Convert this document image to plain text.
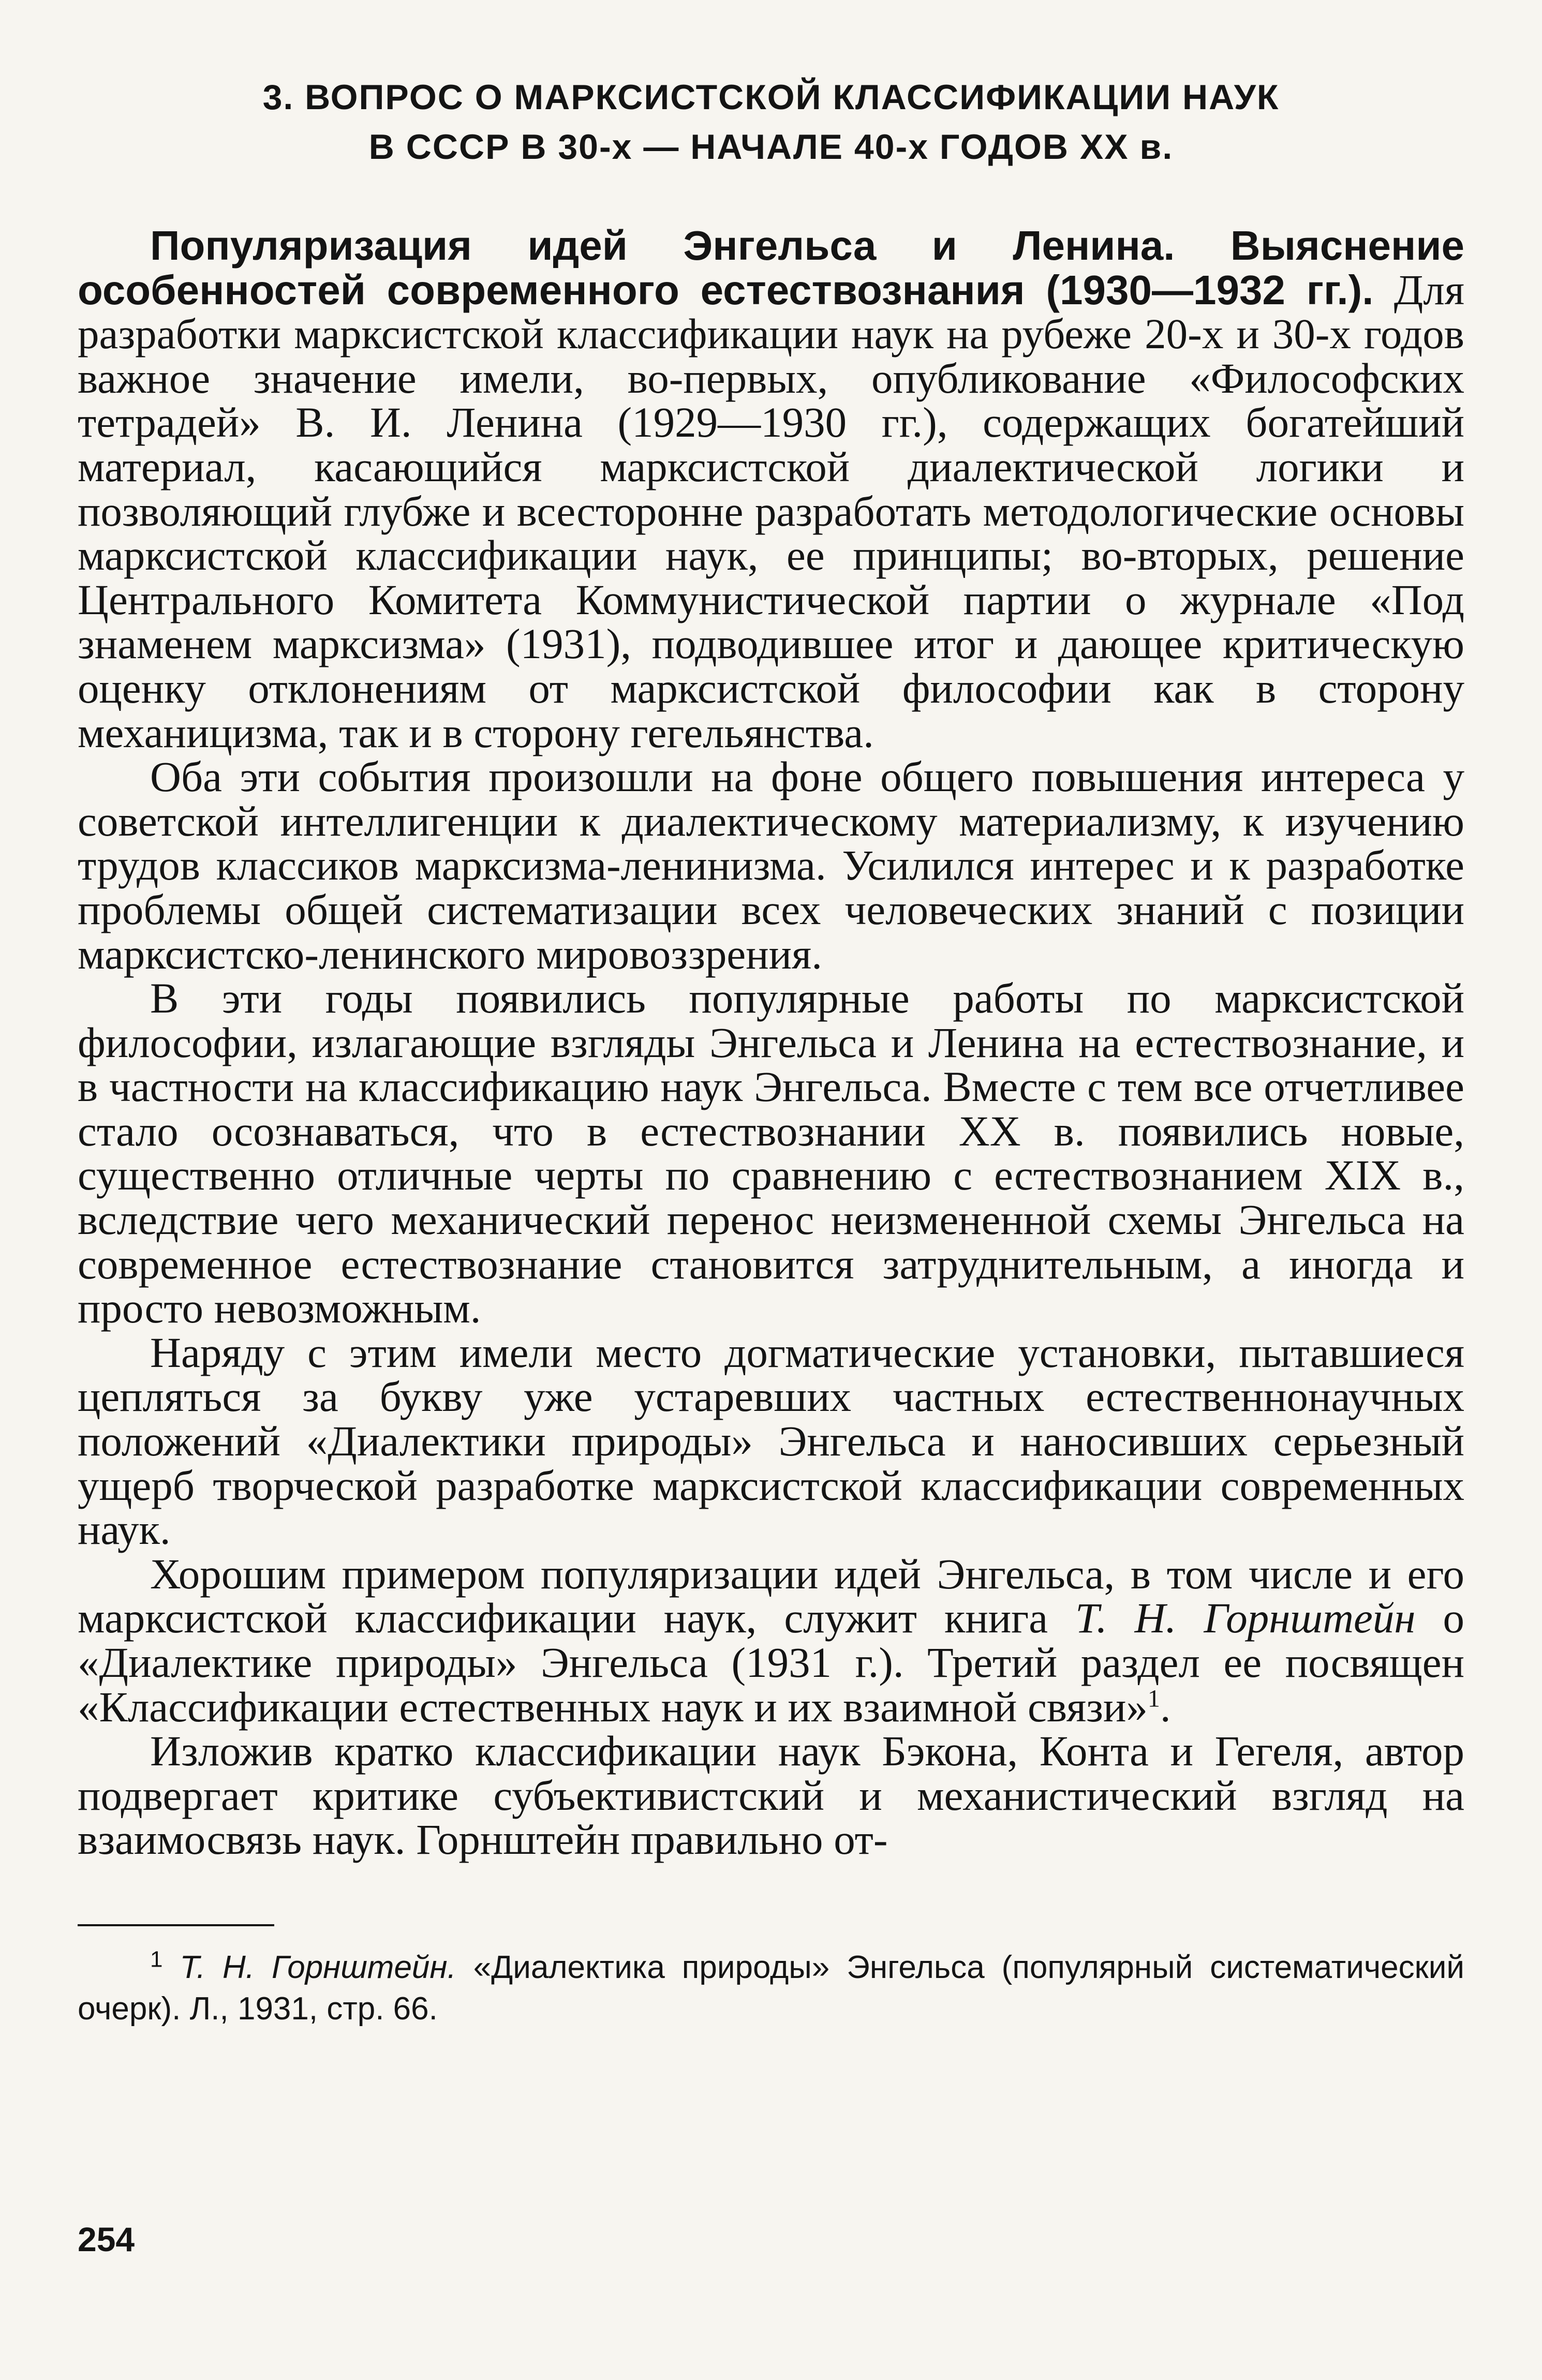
3. ВОПРОС О МАРКСИСТСКОЙ КЛАССИФИКАЦИИ НАУК
В СССР В 30-х — НАЧАЛЕ 40-х ГОДОВ XX в.

Популяризация идей Энгельса и Ленина. Выяснение особенностей современного естествознания (1930—1932 гг.). Для разработки марксистской классификации наук на рубеже 20-х и 30-х годов важное значение имели, во-первых, опубликование «Философских тетрадей» В. И. Ленина (1929—1930 гг.), содержащих богатейший материал, касающийся марксистской диалектической логики и позволяющий глубже и всесторонне разработать методологические основы марксистской классификации наук, ее принципы; во-вторых, решение Центрального Комитета Коммунистической партии о журнале «Под знаменем марксизма» (1931), подводившее итог и дающее критическую оценку отклонениям от марксистской философии как в сторону механицизма, так и в сторону гегельянства.

Оба эти события произошли на фоне общего повышения интереса у советской интеллигенции к диалектическому материализму, к изучению трудов классиков марксизма-ленинизма. Усилился интерес и к разработке проблемы общей систематизации всех человеческих знаний с позиции марксистско-ленинского мировоззрения.

В эти годы появились популярные работы по марксистской философии, излагающие взгляды Энгельса и Ленина на естествознание, и в частности на классификацию наук Энгельса. Вместе с тем все отчетливее стало осознаваться, что в естествознании XX в. появились новые, существенно отличные черты по сравнению с естествознанием XIX в., вследствие чего механический перенос неизмененной схемы Энгельса на современное естествознание становится затруднительным, а иногда и просто невозможным.

Наряду с этим имели место догматические установки, пытавшиеся цепляться за букву уже устаревших частных естественнонаучных положений «Диалектики природы» Энгельса и наносивших серьезный ущерб творческой разработке марксистской классификации современных наук.

Хорошим примером популяризации идей Энгельса, в том числе и его марксистской классификации наук, служит книга Т. Н. Горнштейн о «Диалектике природы» Энгельса (1931 г.). Третий раздел ее посвящен «Классификации естественных наук и их взаимной связи»$^1$.

Изложив кратко классификации наук Бэкона, Конта и Гегеля, автор подвергает критике субъективистский и механистический взгляд на взаимосвязь наук. Горнштейн правильно от-

$^1$ Т. Н. Горнштейн. «Диалектика природы» Энгельса (популярный систематический очерк). Л., 1931, стр. 66.

254
